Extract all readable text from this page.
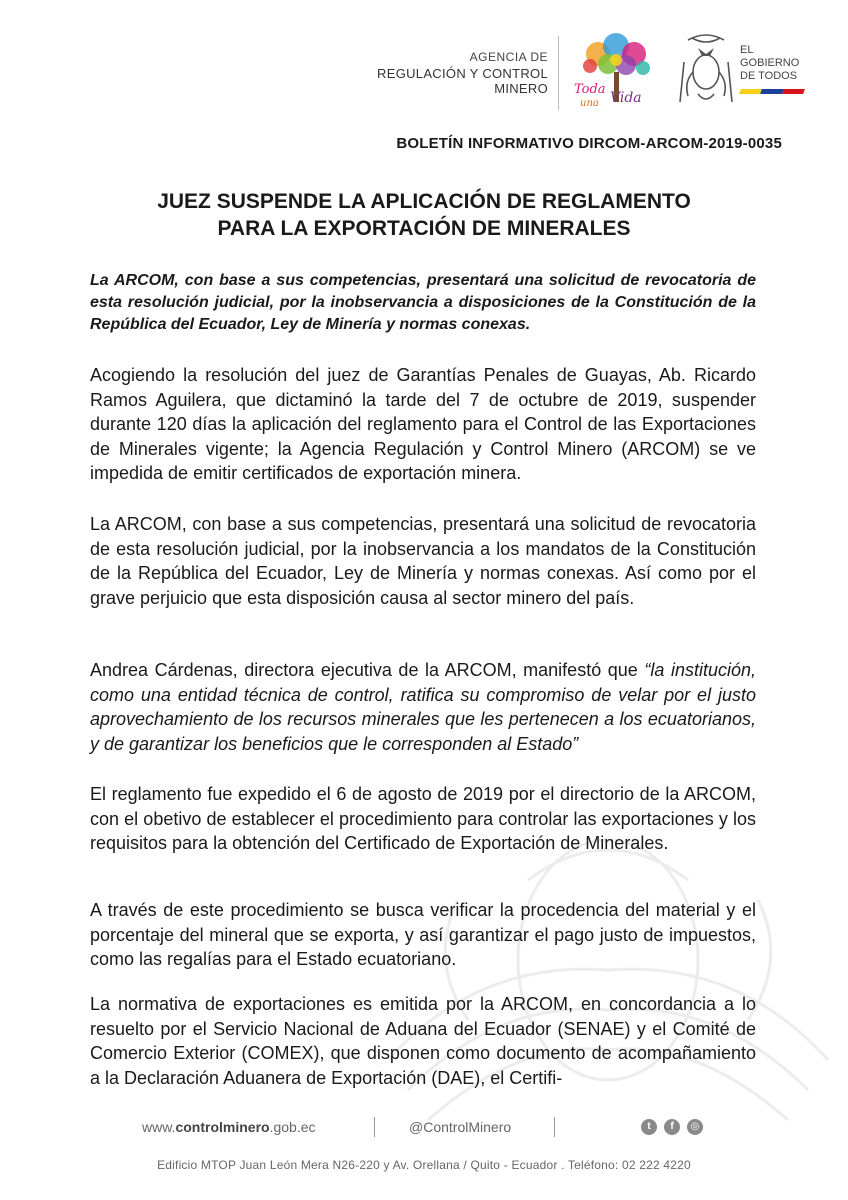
AGENCIA DE
REGULACIÓN Y CONTROL MINERO Toda
Vida
una
EL
GOBIERNO
DE TODOS
BOLETÍN INFORMATIVO DIRCOM-ARCOM-2019-0035
JUEZ SUSPENDE LA APLICACIÓN DE REGLAMENTO
PARA LA EXPORTACIÓN DE MINERALES
La ARCOM, con base a sus competencias, presentará una solicitud de revocatoria de esta resolución judicial, por la inobservancia a disposiciones de la Constitución de la República del Ecuador, Ley de Minería y normas conexas.
Acogiendo la resolución del juez de Garantías Penales de Guayas, Ab. Ricardo Ramos Aguilera, que dictaminó la tarde del 7 de octubre de 2019, suspender durante 120 días la aplicación del reglamento para el Control de las Exportaciones de Minerales vigente; la Agencia Regulación y Control Minero (ARCOM) se ve impedida de emitir certificados de exportación minera.
La ARCOM, con base a sus competencias, presentará una solicitud de revocatoria de esta resolución judicial, por la inobservancia a los mandatos de la Constitución de la República del Ecuador, Ley de Minería y normas conexas. Así como por el grave perjuicio que esta disposición causa al sector minero del país.
Andrea Cárdenas, directora ejecutiva de la ARCOM, manifestó que “la institución, como una entidad técnica de control, ratifica su compromiso de velar por el justo aprovechamiento de los recursos minerales que les pertenecen a los ecuatorianos, y de garantizar los beneficios que le corresponden al Estado”
El reglamento fue expedido el 6 de agosto de 2019 por el directorio de la ARCOM, con el obetivo de establecer el procedimiento para controlar las exportaciones y los requisitos para la obtención del Certificado de Exportación de Minerales.
A través de este procedimiento se busca verificar la procedencia del material y el porcentaje del mineral que se exporta, y así garantizar el pago justo de impuestos, como las regalías para el Estado ecuatoriano.
La normativa de exportaciones es emitida por la ARCOM, en concordancia a lo resuelto por el Servicio Nacional de Aduana del Ecuador (SENAE) y el Comité de Comercio Exterior (COMEX), que disponen como documento de acompañamiento a la Declaración Aduanera de Exportación (DAE), el Certifi-
www.controlminero.gob.ec	@ControlMinero	t	f	◎
Edificio MTOP Juan León Mera N26-220 y Av. Orellana / Quito - Ecuador . Teléfono: 02 222 4220
